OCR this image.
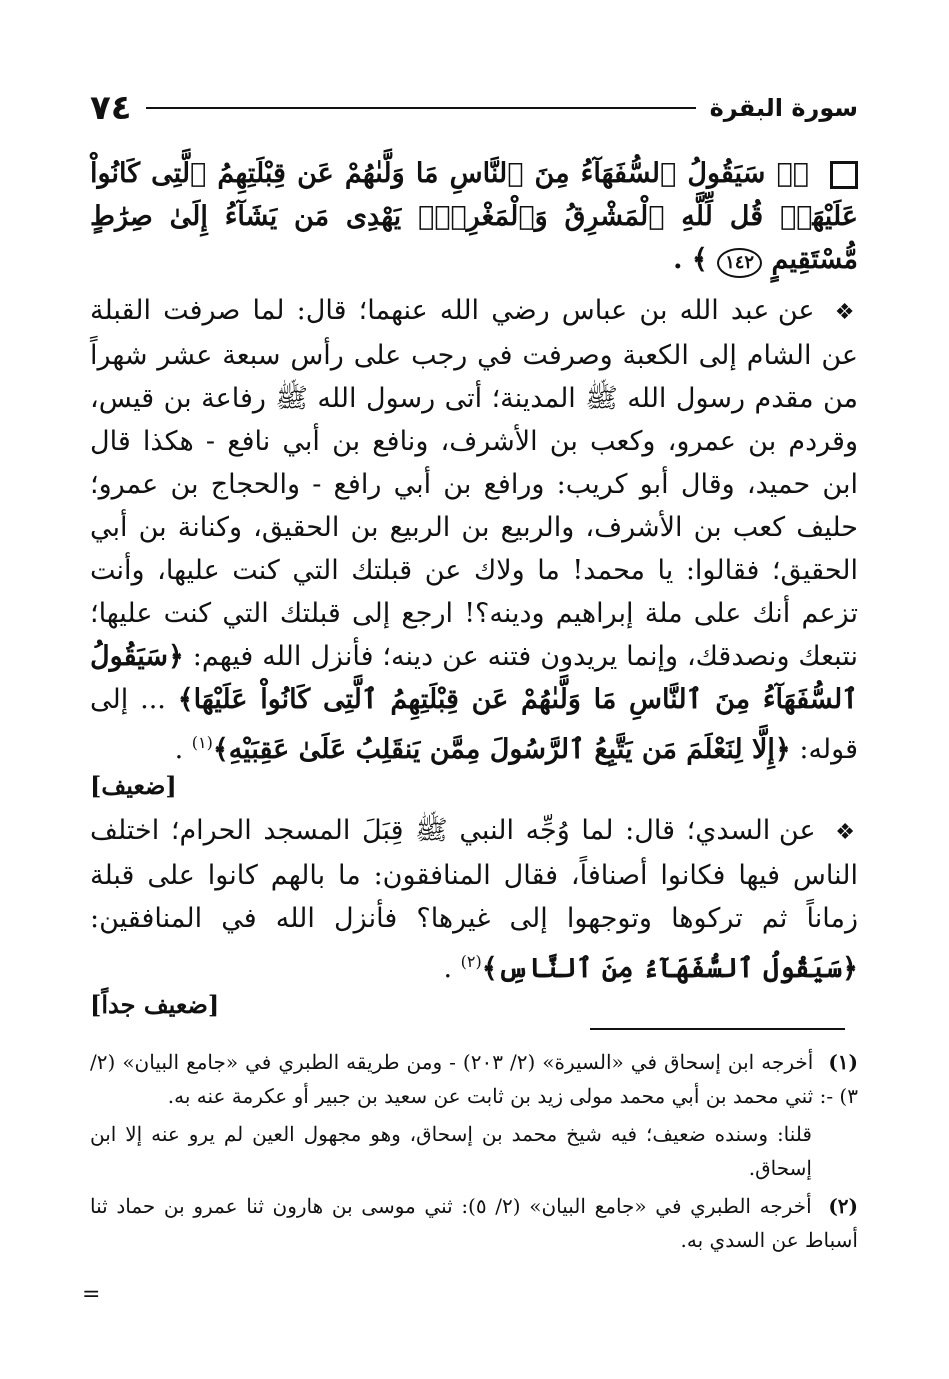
٧٤	سورة البقرة

﴿۞ سَيَقُولُ ٱلسُّفَهَآءُ مِنَ ٱلنَّاسِ مَا وَلَّىٰهُمْ عَن قِبْلَتِهِمُ ٱلَّتِى كَانُواْ عَلَيْهَاۚ قُل لِّلَّهِ ٱلْمَشْرِقُ وَٱلْمَغْرِبُۚ يَهْدِى مَن يَشَآءُ إِلَىٰ صِرَٰطٍ مُّسْتَقِيمٍ ١٤٢ ﴾ .

❖ عن عبد الله بن عباس رضي الله عنهما؛ قال: لما صرفت القبلة عن الشام إلى الكعبة وصرفت في رجب على رأس سبعة عشر شهراً من مقدم رسول الله ﷺ المدينة؛ أتى رسول الله ﷺ رفاعة بن قيس، وقردم بن عمرو، وكعب بن الأشرف، ونافع بن أبي نافع - هكذا قال ابن حميد، وقال أبو كريب: ورافع بن أبي رافع - والحجاج بن عمرو؛ حليف كعب بن الأشرف، والربيع بن الربيع بن الحقيق، وكنانة بن أبي الحقيق؛ فقالوا: يا محمد! ما ولاك عن قبلتك التي كنت عليها، وأنت تزعم أنك على ملة إبراهيم ودينه؟! ارجع إلى قبلتك التي كنت عليها؛ نتبعك ونصدقك، وإنما يريدون فتنه عن دينه؛ فأنزل الله فيهم: ﴿سَيَقُولُ ٱلسُّفَهَآءُ مِنَ ٱلنَّاسِ مَا وَلَّىٰهُمْ عَن قِبْلَتِهِمُ ٱلَّتِى كَانُواْ عَلَيْهَا﴾ ... إلى قوله: ﴿إِلَّا لِنَعْلَمَ مَن يَتَّبِعُ ٱلرَّسُولَ مِمَّن يَنقَلِبُ عَلَىٰ عَقِبَيْهِ﴾$^{(١)}$ .
[ضعيف]

❖ عن السدي؛ قال: لما وُجِّه النبي ﷺ قِبَلَ المسجد الحرام؛ اختلف الناس فيها فكانوا أصنافاً، فقال المنافقون: ما بالهم كانوا على قبلة زماناً ثم تركوها وتوجهوا إلى غيرها؟ فأنزل الله في المنافقين: ﴿سَيَقُولُ ٱلسُّفَهَآءُ مِنَ ٱلنَّاسِ﴾$^{(٢)}$ .
[ضعيف جداً]

(١) أخرجه ابن إسحاق في «السيرة» (٢/ ٢٠٣) - ومن طريقه الطبري في «جامع البيان» (٢/ ٣) -: ثني محمد بن أبي محمد مولى زيد بن ثابت عن سعيد بن جبير أو عكرمة عنه به.

قلنا: وسنده ضعيف؛ فيه شيخ محمد بن إسحاق، وهو مجهول العين لم يرو عنه إلا ابن إسحاق.

(٢) أخرجه الطبري في «جامع البيان» (٢/ ٥): ثني موسى بن هارون ثنا عمرو بن حماد ثنا أسباط عن السدي به.

=
